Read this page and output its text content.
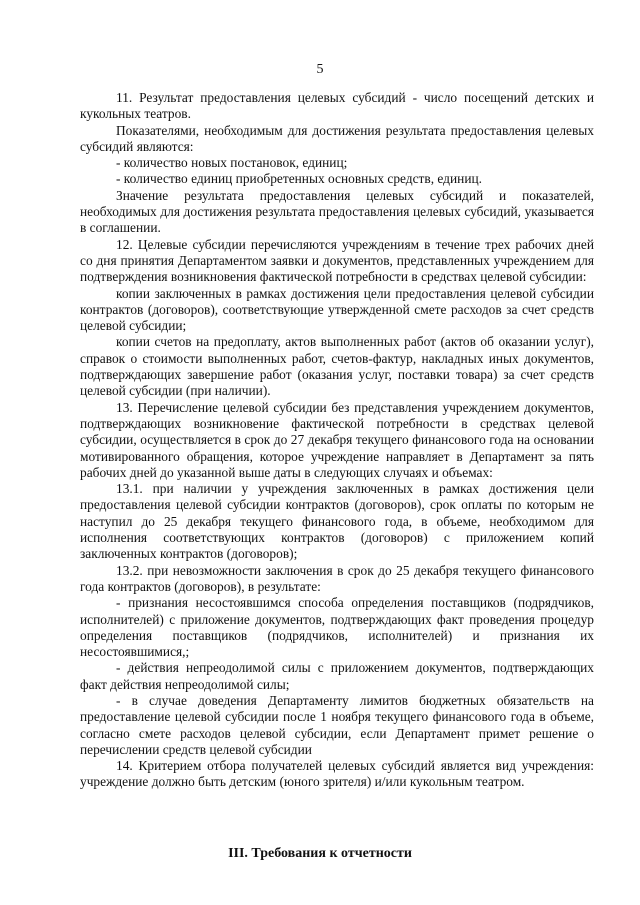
5

11. Результат предоставления целевых субсидий - число посещений детских и кукольных театров.

Показателями, необходимым для достижения результата предоставления целевых субсидий являются:

- количество новых постановок, единиц;

- количество единиц приобретенных основных средств, единиц.

Значение результата предоставления целевых субсидий и показателей, необходимых для достижения результата предоставления целевых субсидий, указывается в соглашении.

12. Целевые субсидии перечисляются учреждениям в течение трех рабочих дней со дня принятия Департаментом заявки и документов, представленных учреждением для подтверждения возникновения фактической потребности в средствах целевой субсидии:

копии заключенных в рамках достижения цели предоставления целевой субсидии контрактов (договоров), соответствующие утвержденной смете расходов за счет средств целевой субсидии;

копии счетов на предоплату, актов выполненных работ (актов об оказании услуг), справок о стоимости выполненных работ, счетов-фактур, накладных иных документов, подтверждающих завершение работ (оказания услуг, поставки товара) за счет средств целевой субсидии (при наличии).

13. Перечисление целевой субсидии без представления учреждением документов, подтверждающих возникновение фактической потребности в средствах целевой субсидии, осуществляется в срок до 27 декабря текущего финансового года на основании мотивированного обращения, которое учреждение направляет в Департамент за пять рабочих дней до указанной выше даты в следующих случаях и объемах:

13.1. при наличии у учреждения заключенных в рамках достижения цели предоставления целевой субсидии контрактов (договоров), срок оплаты по которым не наступил до 25 декабря текущего финансового года, в объеме, необходимом для исполнения соответствующих контрактов (договоров) с приложением копий заключенных контрактов (договоров);

13.2. при невозможности заключения в срок до 25 декабря текущего финансового года контрактов (договоров), в результате:

- признания несостоявшимся способа определения поставщиков (подрядчиков, исполнителей) с приложение документов, подтверждающих факт проведения процедур определения поставщиков (подрядчиков, исполнителей) и признания их несостоявшимися,;

- действия непреодолимой силы с приложением документов, подтверждающих факт действия непреодолимой силы;

- в случае доведения Департаменту лимитов бюджетных обязательств на предоставление целевой субсидии после 1 ноября текущего финансового года в объеме, согласно смете расходов целевой субсидии, если Департамент примет решение о перечислении средств целевой субсидии

14. Критерием отбора получателей целевых субсидий является вид учреждения: учреждение должно быть детским (юного зрителя) и/или кукольным театром.

III. Требования к отчетности
